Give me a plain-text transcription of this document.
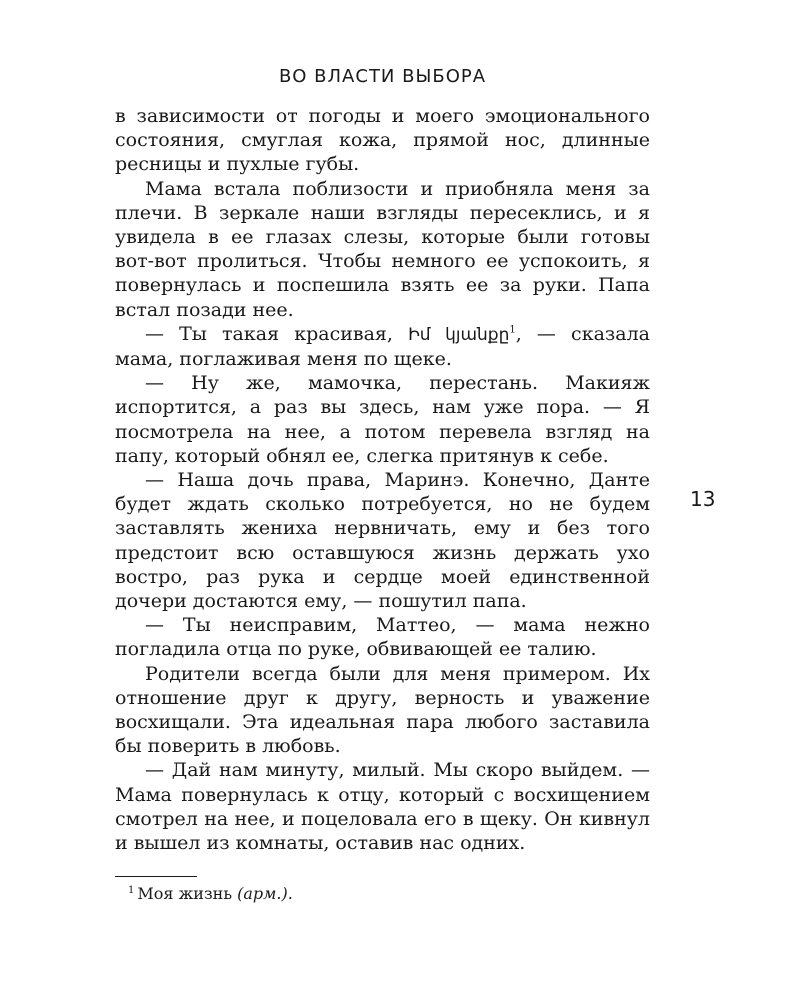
ВО ВЛАСТИ ВЫБОРА

в зависимости от погоды и моего эмоционального состояния, смуглая кожа, прямой нос, длинные ресницы и пухлые губы.

Мама встала поблизости и приобняла меня за плечи. В зеркале наши взгляды пересеклись, и я увидела в ее глазах слезы, которые были готовы вот-вот пролиться. Чтобы немного ее успокоить, я повернулась и поспешила взять ее за руки. Папа встал позади нее.

— Ты такая красивая, Իմ կյանքը$^1$, — сказала мама, поглаживая меня по щеке.

— Ну же, мамочка, перестань. Макияж испортится, а раз вы здесь, нам уже пора. — Я посмотрела на нее, а потом перевела взгляд на папу, который обнял ее, слегка притянув к себе.

— Наша дочь права, Маринэ. Конечно, Данте будет ждать сколько потребуется, но не будем заставлять жениха нервничать, ему и без того предстоит всю оставшуюся жизнь держать ухо востро, раз рука и сердце моей единственной дочери достаются ему, — пошутил папа.

— Ты неисправим, Маттео, — мама нежно погладила отца по руке, обвивающей ее талию.

Родители всегда были для меня примером. Их отношение друг к другу, верность и уважение восхищали. Эта идеальная пара любого заставила бы поверить в любовь.

— Дай нам минуту, милый. Мы скоро выйдем. — Мама повернулась к отцу, который с восхищением смотрел на нее, и поцеловала его в щеку. Он кивнул и вышел из комнаты, оставив нас одних.

13
$^1$ Моя жизнь (арм.).
